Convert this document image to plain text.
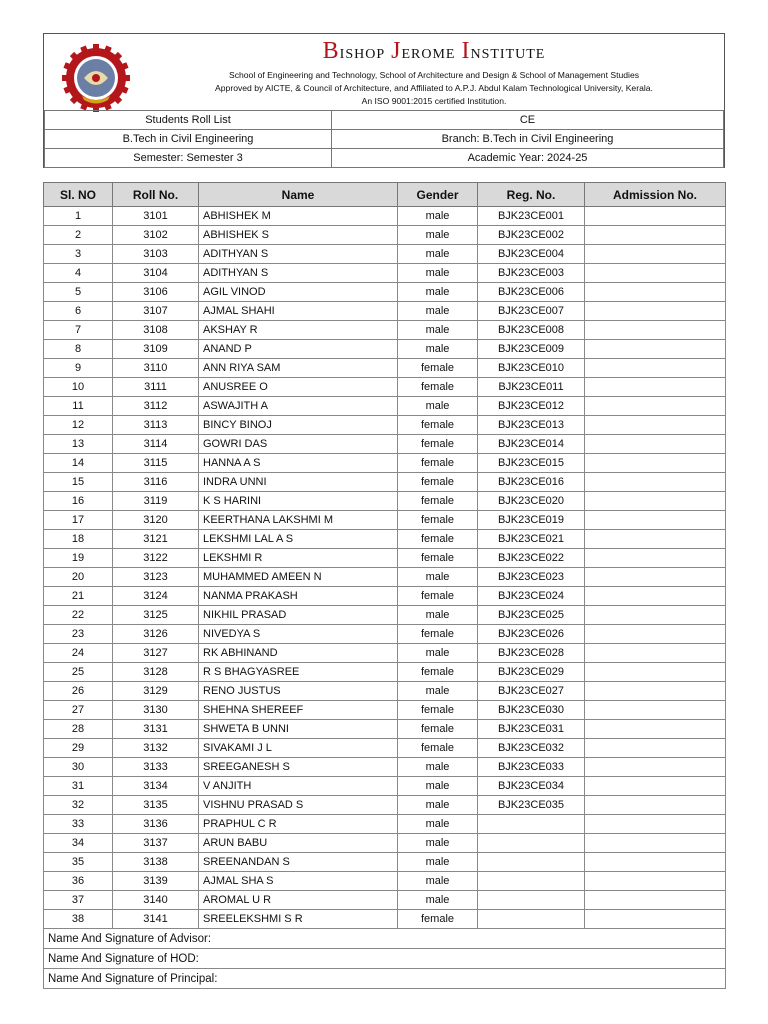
Bishop Jerome Institute
School of Engineering and Technology, School of Architecture and Design & School of Management Studies
Approved by AICTE, & Council of Architecture, and Affiliated to A.P.J. Abdul Kalam Technological University, Kerala.
An ISO 9001:2015 certified Institution.
Students Roll List	CE
B.Tech in Civil Engineering	Branch: B.Tech in Civil Engineering
Semester: Semester 3	Academic Year: 2024-25
Sl. NO	Roll No.	Name	Gender	Reg. No.	Admission No.
1	3101	ABHISHEK M	male	BJK23CE001	
2	3102	ABHISHEK S	male	BJK23CE002	
3	3103	ADITHYAN S	male	BJK23CE004	
4	3104	ADITHYAN S	male	BJK23CE003	
5	3106	AGIL VINOD	male	BJK23CE006	
6	3107	AJMAL SHAHI	male	BJK23CE007	
7	3108	AKSHAY R	male	BJK23CE008	
8	3109	ANAND P	male	BJK23CE009	
9	3110	ANN RIYA SAM	female	BJK23CE010	
10	3111	ANUSREE O	female	BJK23CE011	
11	3112	ASWAJITH A	male	BJK23CE012	
12	3113	BINCY BINOJ	female	BJK23CE013	
13	3114	GOWRI DAS	female	BJK23CE014	
14	3115	HANNA A S	female	BJK23CE015	
15	3116	INDRA UNNI	female	BJK23CE016	
16	3119	K S HARINI	female	BJK23CE020	
17	3120	KEERTHANA LAKSHMI M	female	BJK23CE019	
18	3121	LEKSHMI LAL A S	female	BJK23CE021	
19	3122	LEKSHMI R	female	BJK23CE022	
20	3123	MUHAMMED AMEEN N	male	BJK23CE023	
21	3124	NANMA PRAKASH	female	BJK23CE024	
22	3125	NIKHIL PRASAD	male	BJK23CE025	
23	3126	NIVEDYA S	female	BJK23CE026	
24	3127	RK ABHINAND	male	BJK23CE028	
25	3128	R S BHAGYASREE	female	BJK23CE029	
26	3129	RENO JUSTUS	male	BJK23CE027	
27	3130	SHEHNA SHEREEF	female	BJK23CE030	
28	3131	SHWETA B UNNI	female	BJK23CE031	
29	3132	SIVAKAMI J L	female	BJK23CE032	
30	3133	SREEGANESH S	male	BJK23CE033	
31	3134	V ANJITH	male	BJK23CE034	
32	3135	VISHNU PRASAD S	male	BJK23CE035	
33	3136	PRAPHUL C R	male		
34	3137	ARUN BABU	male		
35	3138	SREENANDAN S	male		
36	3139	AJMAL SHA S	male		
37	3140	AROMAL U R	male		
38	3141	SREELEKSHMI S R	female		
Name And Signature of Advisor:					
Name And Signature of HOD:					
Name And Signature of Principal:					
